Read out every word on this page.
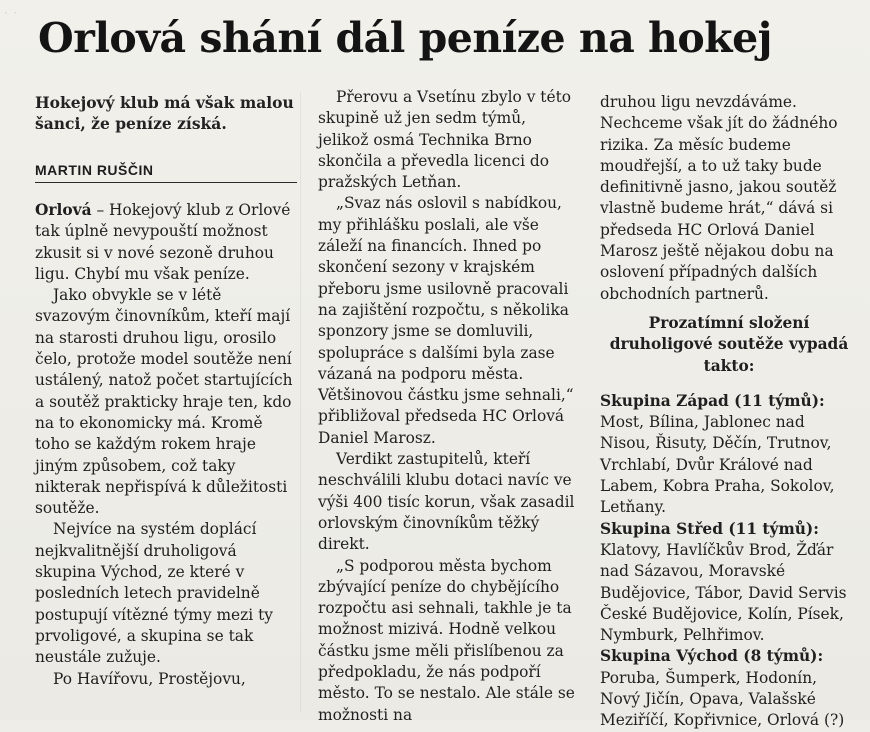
· ·
Orlová shání dál peníze na hokej
Hokejový klub má však malou šanci, že peníze získá.
MARTIN RUŠČIN

Orlová – Hokejový klub z Orlové tak úplně nevypouští možnost zkusit si v nové sezoně druhou ligu. Chybí mu však peníze.

Jako obvykle se v létě svazovým činovníkům, kteří mají na starosti druhou ligu, orosilo čelo, protože model soutěže není ustálený, natož počet startujících a soutěž prakticky hraje ten, kdo na to ekonomicky má. Kromě toho se každým rokem hraje jiným způsobem, což taky nikterak nepřispívá k důležitosti soutěže.

Nejvíce na systém doplácí nejkvalitnější druholigová skupina Východ, ze které v posledních letech pravidelně postupují vítězné týmy mezi ty prvoligové, a skupina se tak neustále zužuje.

Po Havířovu, Prostějovu,

Přerovu a Vsetínu zbylo v této skupině už jen sedm týmů, jelikož osmá Technika Brno skončila a převedla licenci do pražských Letňan.

„Svaz nás oslovil s nabídkou, my přihlášku poslali, ale vše záleží na financích. Ihned po skončení sezony v krajském přeboru jsme usilovně pracovali na zajištění rozpočtu, s několika sponzory jsme se domluvili, spolupráce s dalšími byla zase vázaná na podporu města. Většinovou částku jsme sehnali,“ přibližoval předseda HC Orlová Daniel Marosz.

Verdikt zastupitelů, kteří neschválili klubu dotaci navíc ve výši 400 tisíc korun, však zasadil orlovským činovníkům těžký direkt.

„S podporou města bychom zbývající peníze do chybějícího rozpočtu asi sehnali, takhle je ta možnost mizivá. Hodně velkou částku jsme měli přislíbenou za předpokladu, že nás podpoří město. To se nestalo. Ale stále se možnosti na

druhou ligu nevzdáváme. Nechceme však jít do žádného rizika. Za měsíc budeme moudřejší, a to už taky bude definitivně jasno, jakou soutěž vlastně budeme hrát,“ dává si předseda HC Orlová Daniel Marosz ještě nějakou dobu na oslovení případných dalších obchodních partnerů.

Prozatímní složení druholigové soutěže vypadá takto:

Skupina Západ (11 týmů): Most, Bílina, Jablonec nad Nisou, Řisuty, Děčín, Trutnov, Vrchlabí, Dvůr Králové nad Labem, Kobra Praha, Sokolov, Letňany.

Skupina Střed (11 týmů): Klatovy, Havlíčkův Brod, Žďár nad Sázavou, Moravské Budějovice, Tábor, David Servis České Budějovice, Kolín, Písek, Nymburk, Pelhřimov.

Skupina Východ (8 týmů): Poruba, Šumperk, Hodonín, Nový Jičín, Opava, Valašské Meziříčí, Kopřivnice, Orlová (?)
